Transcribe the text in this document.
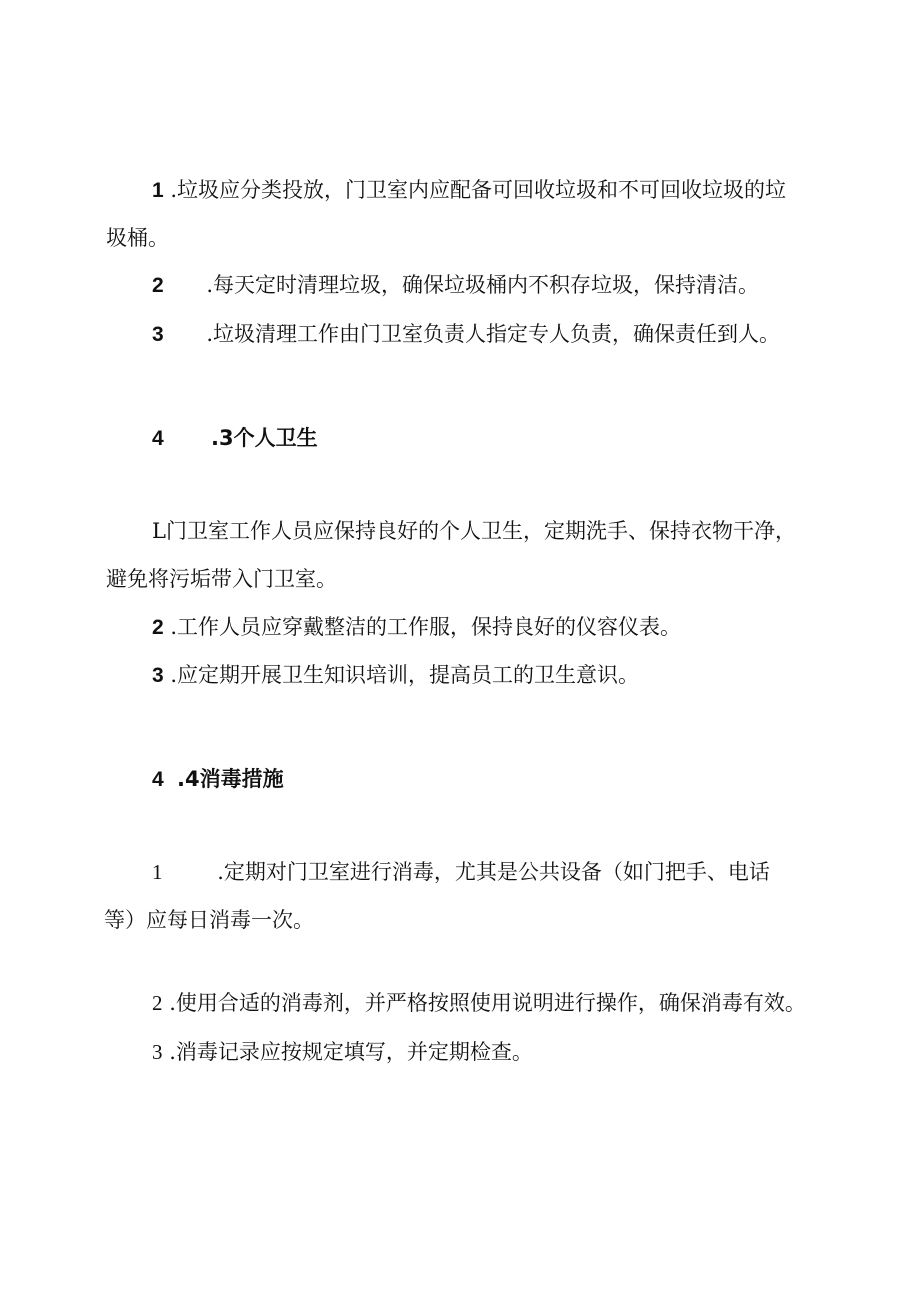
1 .垃圾应分类投放，门卫室内应配备可回收垃圾和不可回收垃圾的垃
圾桶。
2 .每天定时清理垃圾，确保垃圾桶内不积存垃圾，保持清洁。
3 .垃圾清理工作由门卫室负责人指定专人负责，确保责任到人。
4 .3个人卫生
L门卫室工作人员应保持良好的个人卫生，定期洗手、保持衣物干净，
避免将污垢带入门卫室。
2 .工作人员应穿戴整洁的工作服，保持良好的仪容仪表。
3 .应定期开展卫生知识培训，提高员工的卫生意识。
4 .4消毒措施
1	.定期对门卫室进行消毒，尤其是公共设备（如门把手、电话
等）应每日消毒一次。
2 .使用合适的消毒剂，并严格按照使用说明进行操作，确保消毒有效。
3 .消毒记录应按规定填写，并定期检查。
